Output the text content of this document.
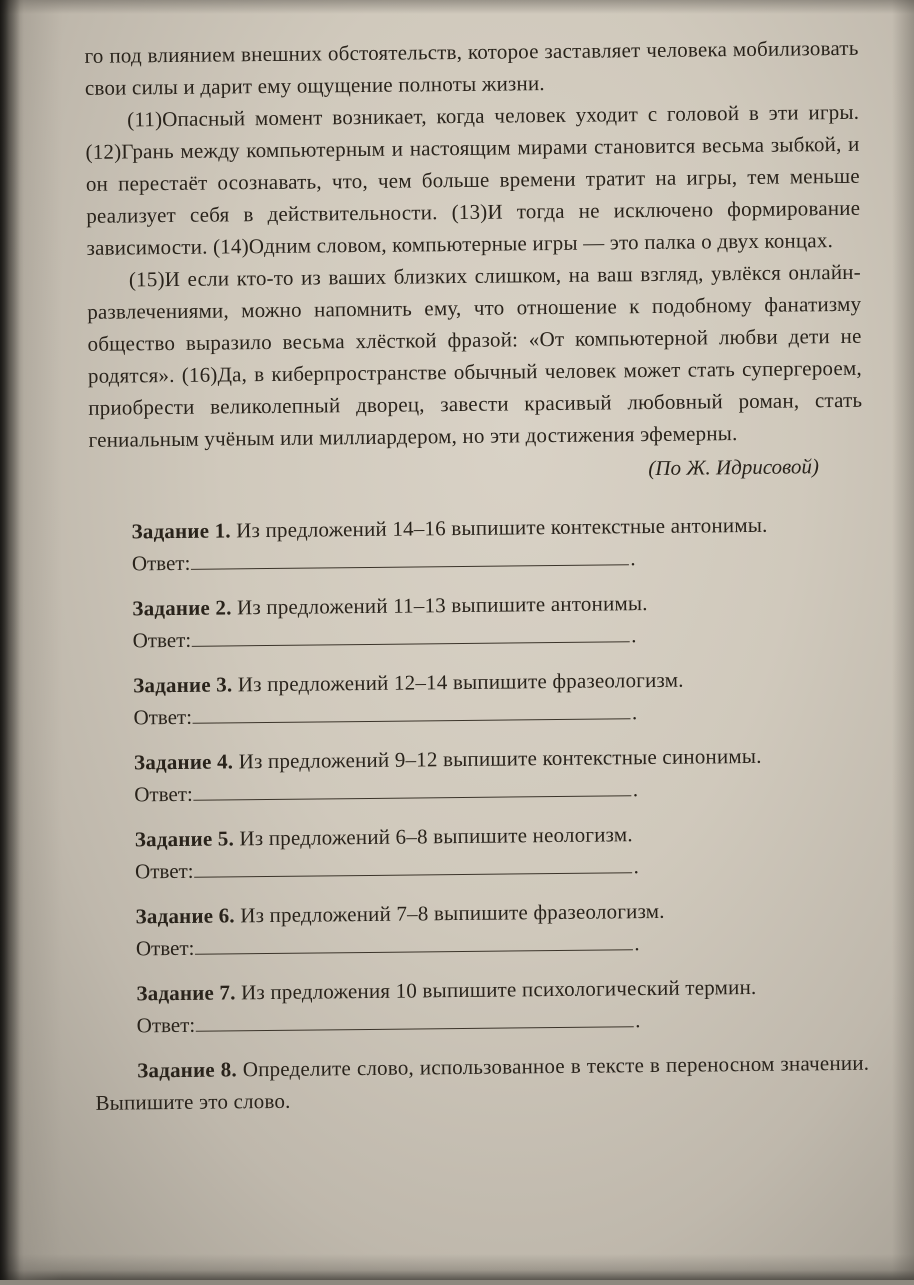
го под влиянием внешних обстоятельств, которое заставляет человека мобилизовать свои силы и дарит ему ощущение полноты жизни.

(11)Опасный момент возникает, когда человек уходит с головой в эти игры. (12)Грань между компьютерным и настоящим мирами становится весьма зыбкой, и он перестаёт осознавать, что, чем больше времени тратит на игры, тем меньше реализует себя в действительности. (13)И тогда не исключено формирование зависимости. (14)Одним словом, компьютерные игры — это палка о двух концах.

(15)И если кто-то из ваших близких слишком, на ваш взгляд, увлёкся онлайн-развлечениями, можно напомнить ему, что отношение к подобному фанатизму общество выразило весьма хлёсткой фразой: «От компьютерной любви дети не родятся». (16)Да, в киберпространстве обычный человек может стать супергероем, приобрести великолепный дворец, завести красивый любовный роман, стать гениальным учёным или миллиардером, но эти достижения эфемерны.

(По Ж. Идрисовой)

Задание 1. Из предложений 14–16 выпишите контекстные антонимы.

Ответ:	.

Задание 2. Из предложений 11–13 выпишите антонимы.

Ответ:	.

Задание 3. Из предложений 12–14 выпишите фразеологизм.

Ответ:	.

Задание 4. Из предложений 9–12 выпишите контекстные синонимы.

Ответ:	.

Задание 5. Из предложений 6–8 выпишите неологизм.

Ответ:	.

Задание 6. Из предложений 7–8 выпишите фразеологизм.

Ответ:	.

Задание 7. Из предложения 10 выпишите психологический термин.

Ответ:	.

Задание 8. Определите слово, использованное в тексте в переносном значении. Выпишите это слово.
